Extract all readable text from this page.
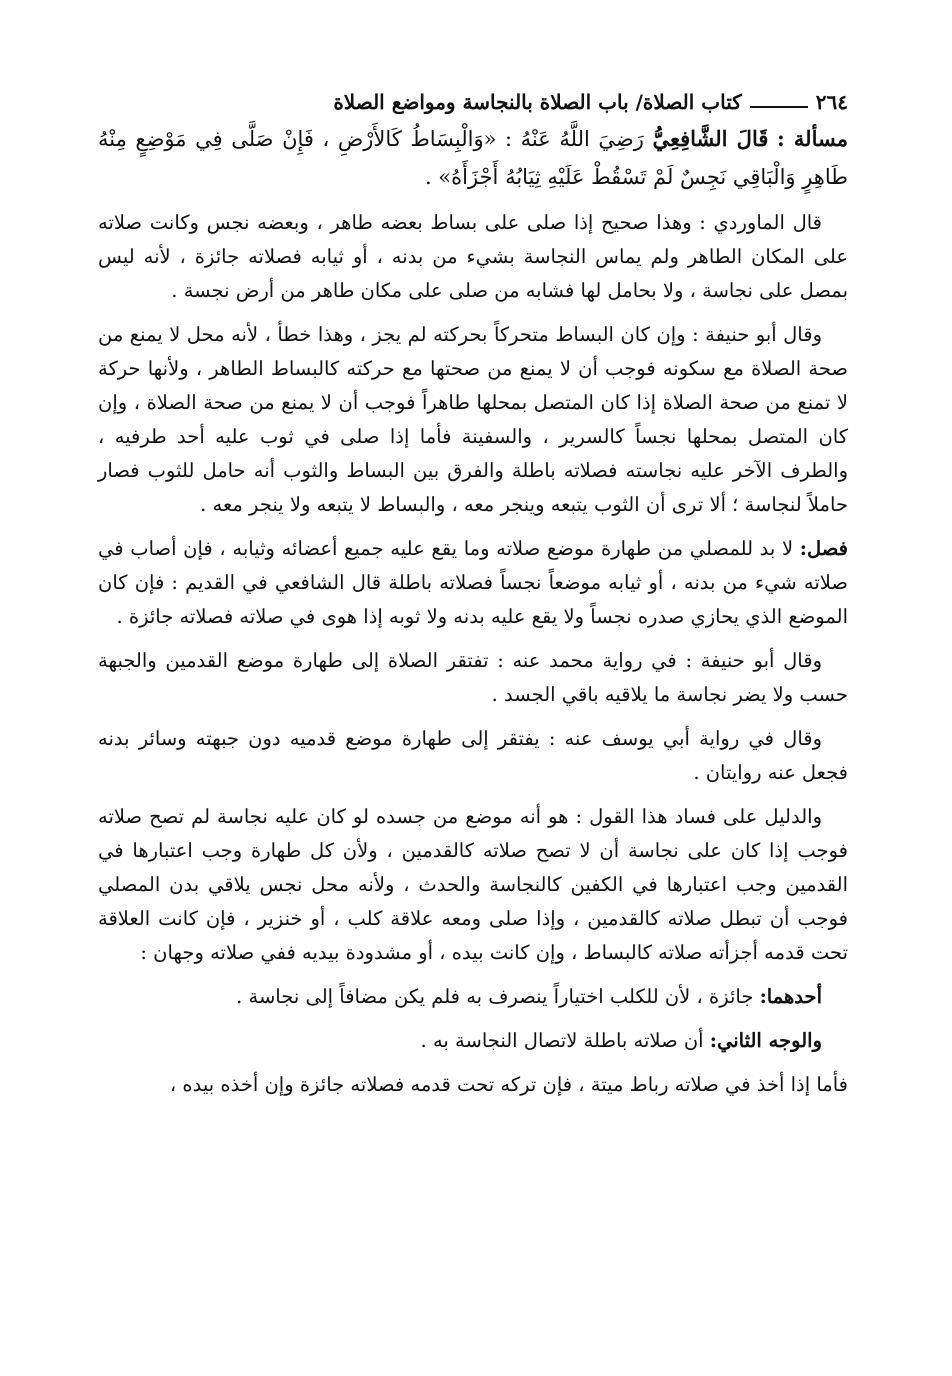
٢٦٤
كتاب الصلاة/ باب الصلاة بالنجاسة ومواضع الصلاة

مسألة : قَالَ الشَّافِعِيُّ رَضِيَ اللَّهُ عَنْهُ : «وَالْبِسَاطُ كَالأَرْضِ ، فَإِنْ صَلَّى فِي مَوْضِعٍ مِنْهُ طَاهِرٍ وَالْبَاقِي نَجِسٌ لَمْ تَسْقُطْ عَلَيْهِ ثِيَابُهُ أَجْزَأَهُ» .

قال الماوردي : وهذا صحيح إذا صلى على بساط بعضه طاهر ، وبعضه نجس وكانت صلاته على المكان الطاهر ولم يماس النجاسة بشيء من بدنه ، أو ثيابه فصلاته جائزة ، لأنه ليس بمصل على نجاسة ، ولا بحامل لها فشابه من صلى على مكان طاهر من أرض نجسة .

وقال أبو حنيفة : وإن كان البساط متحركاً بحركته لم يجز ، وهذا خطأ ، لأنه محل لا يمنع من صحة الصلاة مع سكونه فوجب أن لا يمنع من صحتها مع حركته كالبساط الطاهر ، ولأنها حركة لا تمنع من صحة الصلاة إذا كان المتصل بمحلها طاهراً فوجب أن لا يمنع من صحة الصلاة ، وإن كان المتصل بمحلها نجساً كالسرير ، والسفينة فأما إذا صلى في ثوب عليه أحد طرفيه ، والطرف الآخر عليه نجاسته فصلاته باطلة والفرق بين البساط والثوب أنه حامل للثوب فصار حاملاً لنجاسة ؛ ألا ترى أن الثوب يتبعه وينجر معه ، والبساط لا يتبعه ولا ينجر معه .

فصل: لا بد للمصلي من طهارة موضع صلاته وما يقع عليه جميع أعضائه وثيابه ، فإن أصاب في صلاته شيء من بدنه ، أو ثيابه موضعاً نجساً فصلاته باطلة قال الشافعي في القديم : فإن كان الموضع الذي يحازي صدره نجساً ولا يقع عليه بدنه ولا ثوبه إذا هوى في صلاته فصلاته جائزة .

وقال أبو حنيفة : في رواية محمد عنه : تفتقر الصلاة إلى طهارة موضع القدمين والجبهة حسب ولا يضر نجاسة ما يلاقيه باقي الجسد .

وقال في رواية أبي يوسف عنه : يفتقر إلى طهارة موضع قدميه دون جبهته وسائر بدنه فجعل عنه روايتان .

والدليل على فساد هذا القول : هو أنه موضع من جسده لو كان عليه نجاسة لم تصح صلاته فوجب إذا كان على نجاسة أن لا تصح صلاته كالقدمين ، ولأن كل طهارة وجب اعتبارها في القدمين وجب اعتبارها في الكفين كالنجاسة والحدث ، ولأنه محل نجس يلاقي بدن المصلي فوجب أن تبطل صلاته كالقدمين ، وإذا صلى ومعه علاقة كلب ، أو خنزير ، فإن كانت العلاقة تحت قدمه أجزأته صلاته كالبساط ، وإن كانت بيده ، أو مشدودة بيديه ففي صلاته وجهان :

أحدهما: جائزة ، لأن للكلب اختياراً ينصرف به فلم يكن مضافاً إلى نجاسة .

والوجه الثاني: أن صلاته باطلة لاتصال النجاسة به .

فأما إذا أخذ في صلاته رباط ميتة ، فإن تركه تحت قدمه فصلاته جائزة وإن أخذه بيده ،
